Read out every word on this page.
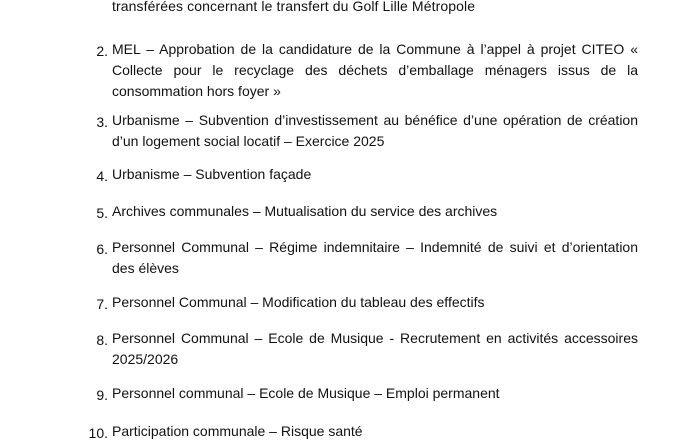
transférées concernant le transfert du Golf Lille Métropole
2. MEL – Approbation de la candidature de la Commune à l’appel à projet CITEO « Collecte pour le recyclage des déchets d’emballage ménagers issus de la consommation hors foyer »
3. Urbanisme – Subvention d’investissement au bénéfice d’une opération de création d’un logement social locatif – Exercice 2025
4. Urbanisme – Subvention façade
5. Archives communales – Mutualisation du service des archives
6. Personnel Communal – Régime indemnitaire – Indemnité de suivi et d’orientation des élèves
7. Personnel Communal – Modification du tableau des effectifs
8. Personnel Communal – Ecole de Musique - Recrutement en activités accessoires 2025/2026
9. Personnel communal – Ecole de Musique – Emploi permanent
10. Participation communale – Risque santé
